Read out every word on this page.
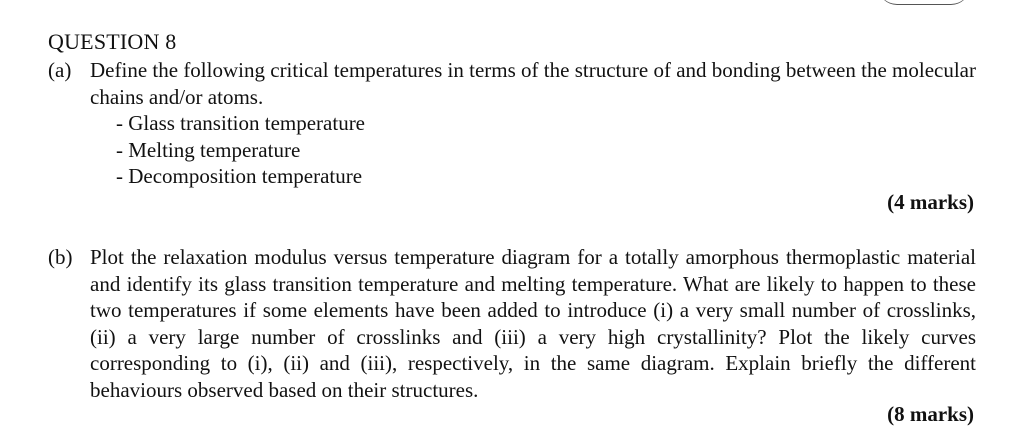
QUESTION 8
(a) Define the following critical temperatures in terms of the structure of and bonding between the molecular chains and/or atoms.
- Glass transition temperature
- Melting temperature
- Decomposition temperature
(4 marks)
(b) Plot the relaxation modulus versus temperature diagram for a totally amorphous thermoplastic material and identify its glass transition temperature and melting temperature. What are likely to happen to these two temperatures if some elements have been added to introduce (i) a very small number of crosslinks, (ii) a very large number of crosslinks and (iii) a very high crystallinity? Plot the likely curves corresponding to (i), (ii) and (iii), respectively, in the same diagram. Explain briefly the different behaviours observed based on their structures.
(8 marks)
